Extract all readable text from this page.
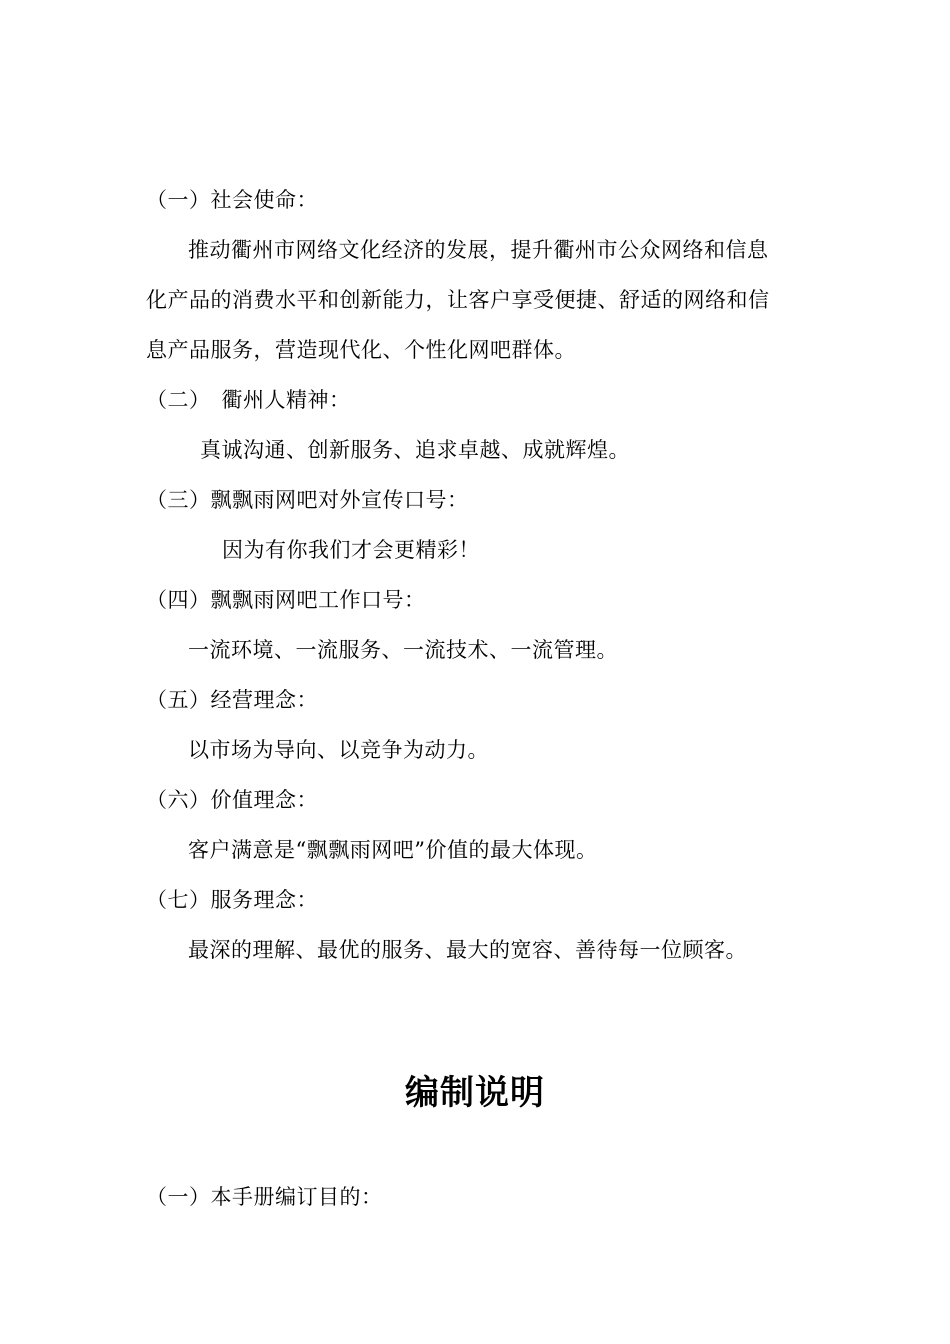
（一）社会使命：
推动衢州市网络文化经济的发展，提升衢州市公众网络和信息
化产品的消费水平和创新能力，让客户享受便捷、舒适的网络和信
息产品服务，营造现代化、个性化网吧群体。
（二）　衢州人精神：
真诚沟通、创新服务、追求卓越、成就辉煌。
（三）飘飘雨网吧对外宣传口号：
因为有你我们才会更精彩！
（四）飘飘雨网吧工作口号：
一流环境、一流服务、一流技术、一流管理。
（五）经营理念：
以市场为导向、以竞争为动力。
（六）价值理念：
客户满意是“飘飘雨网吧”价值的最大体现。
（七）服务理念：
最深的理解、最优的服务、最大的宽容、善待每一位顾客。
编制说明
（一）本手册编订目的：
